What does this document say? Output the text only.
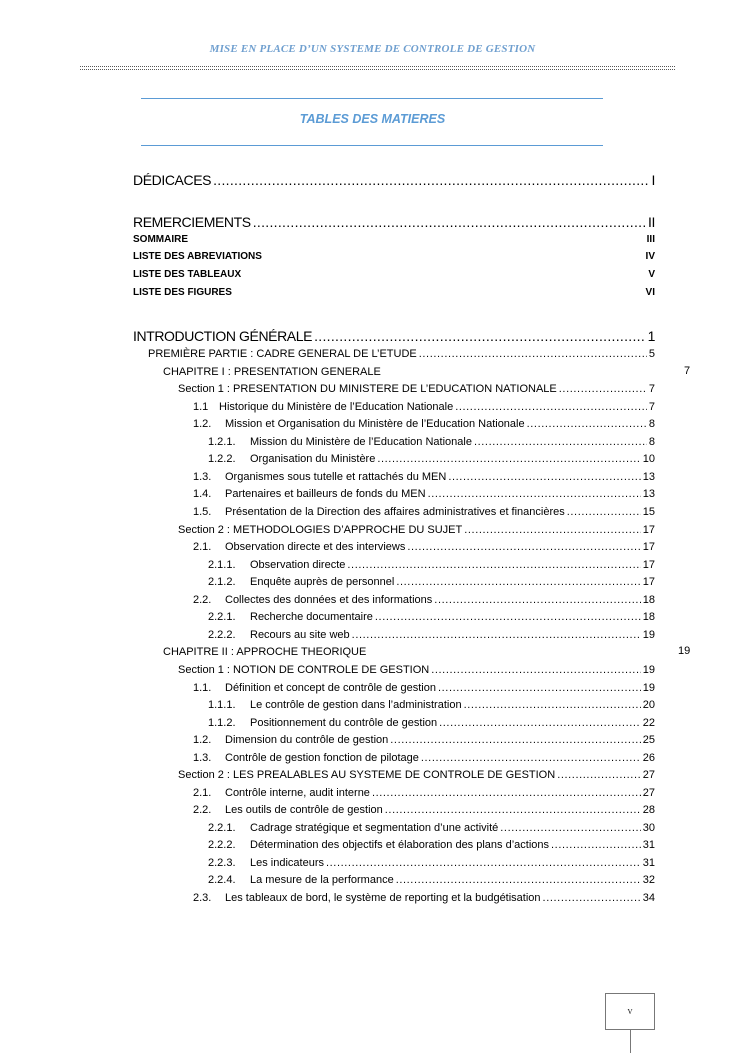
MISE EN PLACE D’UN SYSTEME DE CONTROLE DE GESTION
TABLES DES MATIERES
DÉDICACES .....	I
REMERCIEMENTS .....	II
SOMMAIRE	III
LISTE DES ABREVIATIONS	IV
LISTE DES TABLEAUX	V
LISTE DES FIGURES	VI
INTRODUCTION GÉNÉRALE .....	1
PREMIÈRE PARTIE : CADRE GENERAL DE L’ETUDE .....	5
CHAPITRE I : PRESENTATION GENERALE	7
Section 1 : PRESENTATION DU MINISTERE DE L’EDUCATION NATIONALE .....	7
1.1 Historique du Ministère de l’Education Nationale .....	7
1.2.	Mission et Organisation du Ministère de l’Education Nationale .....	8
1.2.1.	Mission du Ministère de l’Education Nationale .....	8
1.2.2.	Organisation du Ministère .....	10
1.3.	Organismes sous tutelle et rattachés du MEN .....	13
1.4.	Partenaires et bailleurs de fonds du MEN .....	13
1.5.	Présentation de la Direction des affaires administratives et financières .....	15
Section 2 : METHODOLOGIES D’APPROCHE DU SUJET .....	17
2.1.	Observation directe et des interviews .....	17
2.1.1.	Observation directe .....	17
2.1.2.	Enquête auprès de personnel .....	17
2.2.	Collectes des données et des informations .....	18
2.2.1.	Recherche documentaire .....	18
2.2.2.	Recours au site web .....	19
CHAPITRE II : APPROCHE THEORIQUE	19
Section 1 : NOTION DE CONTROLE DE GESTION .....	19
1.1.	Définition et concept de contrôle de gestion .....	19
1.1.1.	Le contrôle de gestion dans l’administration .....	20
1.1.2.	Positionnement du contrôle de gestion .....	22
1.2.	Dimension du contrôle de gestion .....	25
1.3.	Contrôle de gestion fonction de pilotage .....	26
Section 2 : LES PREALABLES AU SYSTEME DE CONTROLE DE GESTION .....	27
2.1.	Contrôle interne, audit interne .....	27
2.2.	Les outils de contrôle de gestion .....	28
2.2.1.	Cadrage stratégique et segmentation d’une activité .....	30
2.2.2.	Détermination des objectifs et élaboration des plans d’actions .....	31
2.2.3.	Les indicateurs .....	31
2.2.4.	La mesure de la performance .....	32
2.3.	Les tableaux de bord, le système de reporting et la budgétisation .....	34
v
